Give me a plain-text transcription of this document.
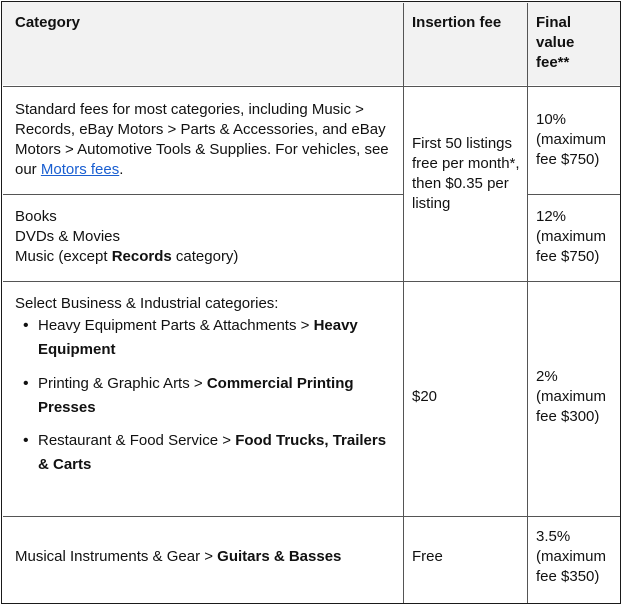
Category	Insertion fee Final
value
fee**
Standard fees for most categories, including Music > Records, eBay Motors > Parts & Accessories, and eBay Motors > Automotive Tools & Supplies. For vehicles, see our Motors fees.
10% (maximum fee $750)
First 50 listings free per month*, then $0.35 per listing
Books
DVDs & Movies
Music (except Records category)
12% (maximum fee $750)
Select Business & Industrial categories:
• Heavy Equipment Parts & Attachments > Heavy Equipment
• Printing & Graphic Arts > Commercial Printing Presses
• Restaurant & Food Service > Food Trucks, Trailers & Carts
$20
2% (maximum fee $300)
Musical Instruments & Gear > Guitars & Basses	Free
3.5% (maximum fee $350)
